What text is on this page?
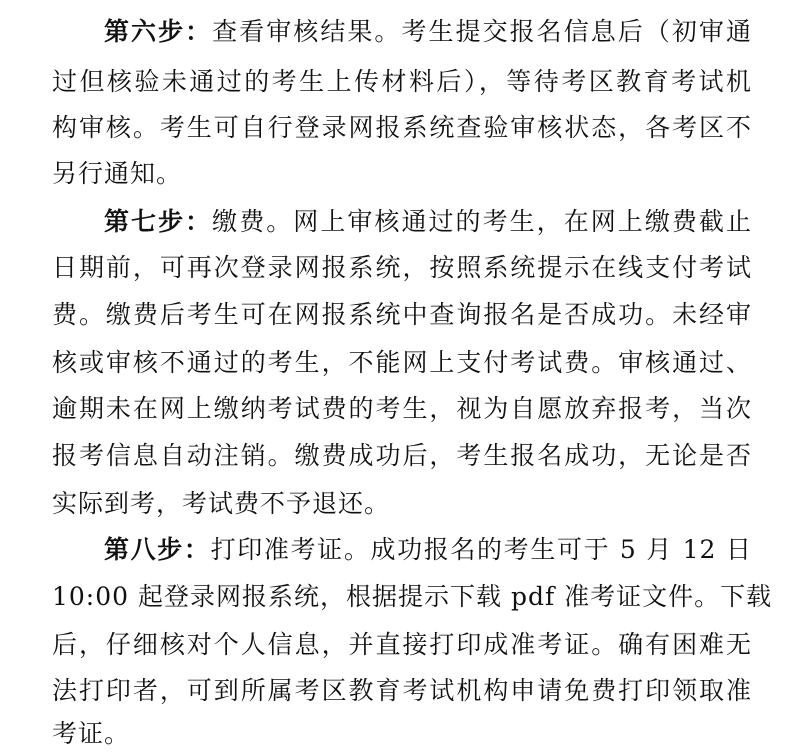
第六步：查看审核结果。考生提交报名信息后（初审通
过但核验未通过的考生上传材料后），等待考区教育考试机
构审核。考生可自行登录网报系统查验审核状态，各考区不
另行通知。
第七步：缴费。网上审核通过的考生，在网上缴费截止
日期前，可再次登录网报系统，按照系统提示在线支付考试
费。缴费后考生可在网报系统中查询报名是否成功。未经审
核或审核不通过的考生，不能网上支付考试费。审核通过、
逾期未在网上缴纳考试费的考生，视为自愿放弃报考，当次
报考信息自动注销。缴费成功后，考生报名成功，无论是否
实际到考，考试费不予退还。
第八步：打印准考证。成功报名的考生可于 5 月 12 日
10:00 起登录网报系统，根据提示下载 pdf 准考证文件。下载
后，仔细核对个人信息，并直接打印成准考证。确有困难无
法打印者，可到所属考区教育考试机构申请免费打印领取准
考证。
